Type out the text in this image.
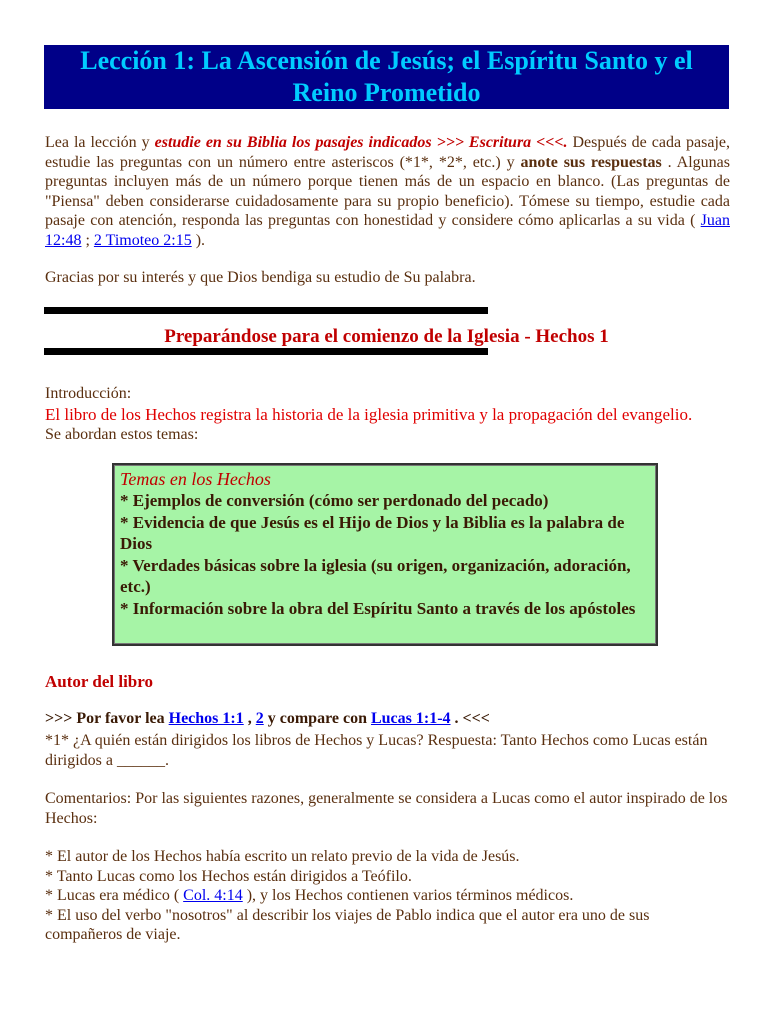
Lección 1: La Ascensión de Jesús; el Espíritu Santo y el
Reino Prometido
Lea la lección y estudie en su Biblia los pasajes indicados >>> Escritura <<<. Después de cada pasaje, estudie las preguntas con un número entre asteriscos (*1*, *2*, etc.) y anote sus respuestas . Algunas preguntas incluyen más de un número porque tienen más de un espacio en blanco. (Las preguntas de "Piensa" deben considerarse cuidadosamente para su propio beneficio). Tómese su tiempo, estudie cada pasaje con atención, responda las preguntas con honestidad y considere cómo aplicarlas a su vida ( Juan 12:48 ; 2 Timoteo 2:15 ).
Gracias por su interés y que Dios bendiga su estudio de Su palabra.
Preparándose para el comienzo de la Iglesia - Hechos 1
Introducción:
El libro de los Hechos registra la historia de la iglesia primitiva y la propagación del evangelio.
Se abordan estos temas:
Temas en los Hechos
* Ejemplos de conversión (cómo ser perdonado del pecado)
* Evidencia de que Jesús es el Hijo de Dios y la Biblia es la palabra de Dios
* Verdades básicas sobre la iglesia (su origen, organización, adoración, etc.)
* Información sobre la obra del Espíritu Santo a través de los apóstoles
Autor del libro
>>> Por favor lea Hechos 1:1 , 2 y compare con Lucas 1:1-4 . <<<
*1* ¿A quién están dirigidos los libros de Hechos y Lucas? Respuesta: Tanto Hechos como Lucas están dirigidos a ______.
Comentarios: Por las siguientes razones, generalmente se considera a Lucas como el autor inspirado de los Hechos:
* El autor de los Hechos había escrito un relato previo de la vida de Jesús.
* Tanto Lucas como los Hechos están dirigidos a Teófilo.
* Lucas era médico ( Col. 4:14 ), y los Hechos contienen varios términos médicos.
* El uso del verbo "nosotros" al describir los viajes de Pablo indica que el autor era uno de sus compañeros de viaje.
